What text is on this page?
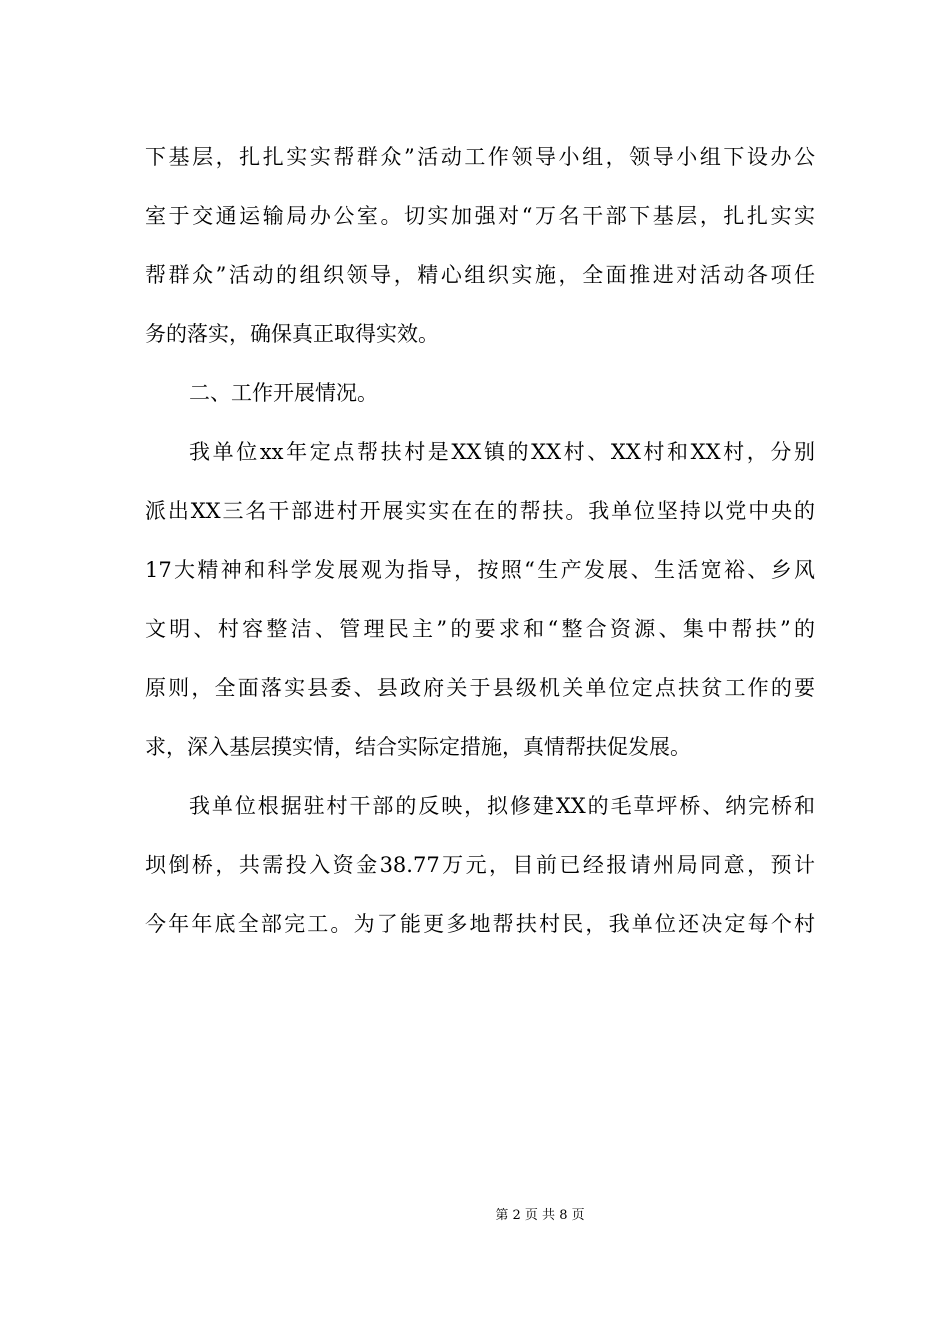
下基层，扎扎实实帮群众”活动工作领导小组，领导小组下设办公
室于交通运输局办公室。切实加强对“万名干部下基层，扎扎实实
帮群众”活动的组织领导，精心组织实施，全面推进对活动各项任
务的落实，确保真正取得实效。
二、工作开展情况。
我单位xx年定点帮扶村是XX镇的XX村、XX村和XX村，分别
派出XX三名干部进村开展实实在在的帮扶。我单位坚持以党中央的
17大精神和科学发展观为指导，按照“生产发展、生活宽裕、乡风
文明、村容整洁、管理民主”的要求和“整合资源、集中帮扶”的
原则，全面落实县委、县政府关于县级机关单位定点扶贫工作的要
求，深入基层摸实情，结合实际定措施，真情帮扶促发展。
我单位根据驻村干部的反映，拟修建XX的毛草坪桥、纳完桥和
坝倒桥，共需投入资金38.77万元，目前已经报请州局同意，预计
今年年底全部完工。为了能更多地帮扶村民，我单位还决定每个村
第 2 页 共 8 页
